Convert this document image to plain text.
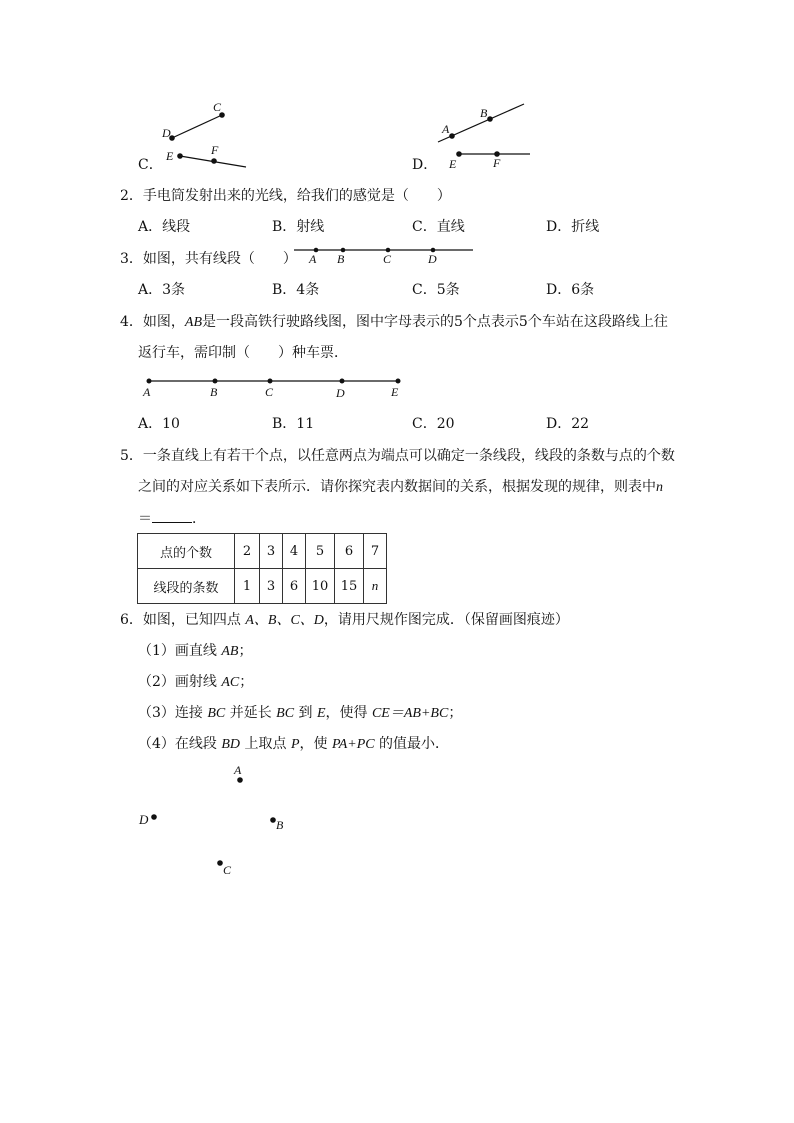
C
D
E	F
C．
A
B
E	F
D．
2．手电筒发射出来的光线，给我们的感觉是（　　）
A．线段	B．射线	C．直线	D．折线
3．如图，共有线段（　　） A B	C	D
A．3条	B．4条	C．5条	D．6条
4．如图，AB是一段高铁行驶路线图，图中字母表示的5个点表示5个车站在这段路线上往
返行车，需印制（　　）种车票．
A	B	C	D	E
A．10	B．11	C．20	D．22
5．一条直线上有若干个点，以任意两点为端点可以确定一条线段，线段的条数与点的个数
之间的对应关系如下表所示．请你探究表内数据间的关系，根据发现的规律，则表中n
＝	．
点的个数	2	3	4	5	6	7
线段的条数	1	3	6	10	15	n
6．如图，已知四点 A、B、C、D，请用尺规作图完成．（保留画图痕迹）
（1）画直线 AB；
（2）画射线 AC；
（3）连接 BC 并延长 BC 到 E，使得 CE＝AB+BC；
（4）在线段 BD 上取点 P，使 PA+PC 的值最小．
A
D	B
C
